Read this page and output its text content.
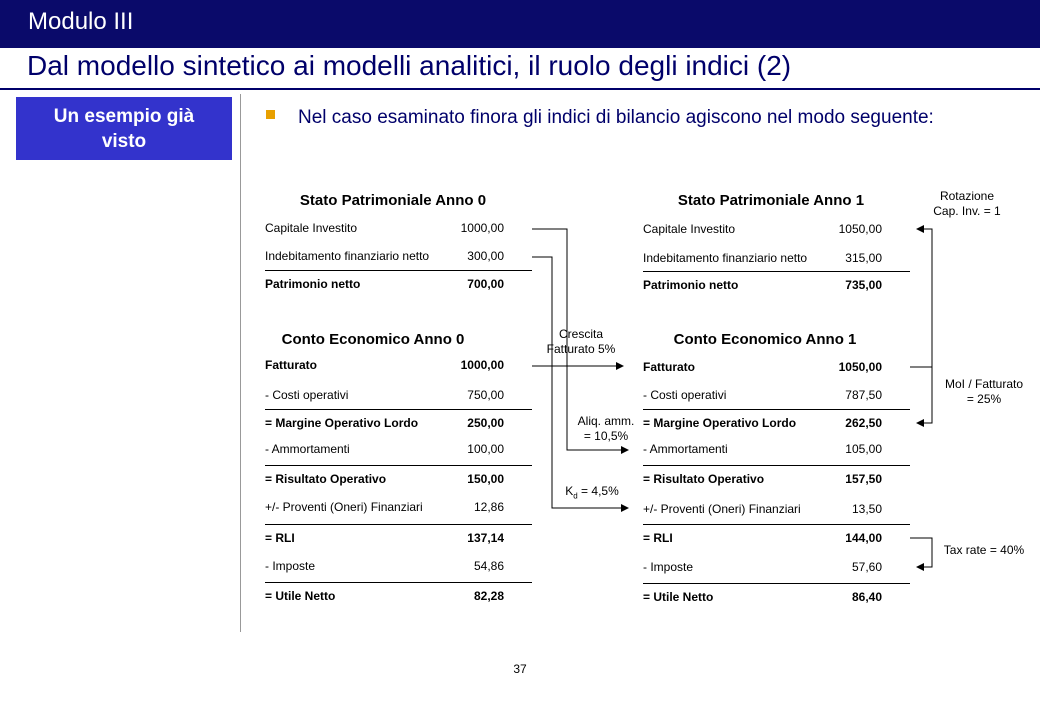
Modulo III
Dal modello sintetico ai modelli analitici, il ruolo degli indici (2)
Un esempio già visto
Nel caso esaminato finora gli indici di bilancio agiscono nel modo seguente:
Stato Patrimoniale Anno 0
Capitale Investito	1000,00
Indebitamento finanziario netto	300,00
Patrimonio netto	700,00
Stato Patrimoniale Anno 1
Capitale Investito	1050,00
Indebitamento finanziario netto	315,00
Patrimonio netto	735,00
Conto Economico Anno 0
Fatturato	1000,00
- Costi operativi	750,00
= Margine Operativo Lordo	250,00
- Ammortamenti	100,00
= Risultato Operativo	150,00
+/- Proventi (Oneri) Finanziari	12,86
= RLI	137,14
- Imposte	54,86
= Utile Netto	82,28
Conto Economico Anno 1
Fatturato	1050,00
- Costi operativi	787,50
= Margine Operativo Lordo	262,50
- Ammortamenti	105,00
= Risultato Operativo	157,50
+/- Proventi (Oneri) Finanziari	13,50
= RLI	144,00
- Imposte	57,60
= Utile Netto	86,40
Rotazione
Cap. Inv. = 1
Crescita
Fatturato 5%
MoI / Fatturato
= 25%
Aliq. amm.
= 10,5%
$K_d = 4,5\%$
Tax rate = 40%
37
